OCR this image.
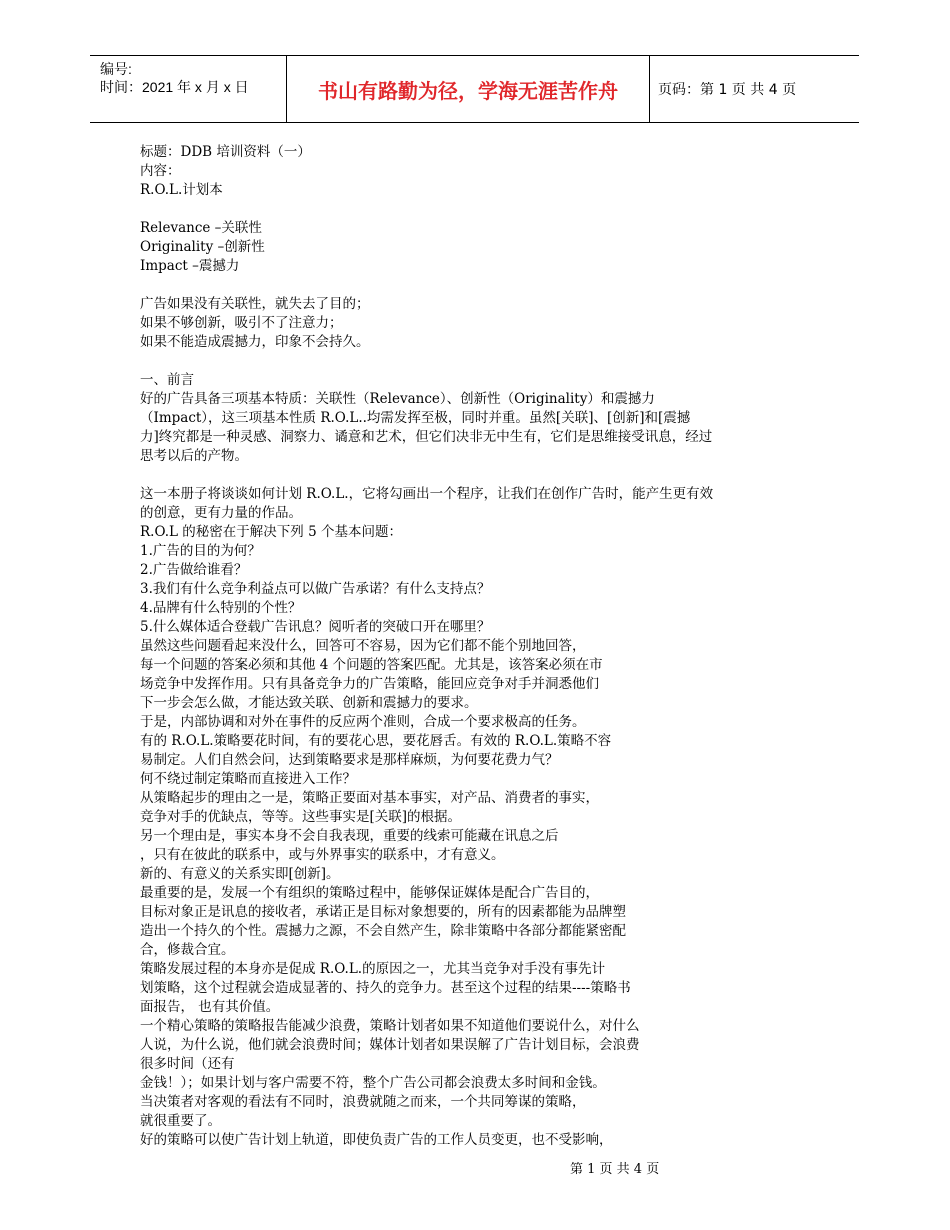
编号:
时间：2021 年 x 月 x 日	书山有路勤为径，学海无涯苦作舟	页码：第 1 页 共 4 页
标题：DDB 培训资料（一）
内容：
R.O.L.计划本
Relevance –关联性
Originality –创新性
Impact –震撼力
广告如果没有关联性，就失去了目的；
如果不够创新，吸引不了注意力；
如果不能造成震撼力，印象不会持久。
一、前言
好的广告具备三项基本特质：关联性（Relevance）、创新性（Originality）和震撼力
（Impact），这三项基本性质 R.O.L..均需发挥至极，同时并重。虽然[关联]、[创新]和[震撼
力]终究都是一种灵感、洞察力、谲意和艺术，但它们决非无中生有，它们是思维接受讯息，经过
思考以后的产物。
这一本册子将谈谈如何计划 R.O.L.，它将勾画出一个程序，让我们在创作广告时，能产生更有效
的创意，更有力量的作品。
R.O.L 的秘密在于解决下列 5 个基本问题：
1.广告的目的为何？
2.广告做给谁看？
3.我们有什么竞争利益点可以做广告承诺？有什么支持点？
4.品牌有什么特别的个性？
5.什么媒体适合登载广告讯息？阅听者的突破口开在哪里？
虽然这些问题看起来没什么，回答可不容易，因为它们都不能个别地回答，
每一个问题的答案必须和其他 4 个问题的答案匹配。尤其是，该答案必须在市
场竞争中发挥作用。只有具备竞争力的广告策略，能回应竞争对手并洞悉他们
下一步会怎么做，才能达致关联、创新和震撼力的要求。
于是，内部协调和对外在事件的反应两个准则，合成一个要求极高的任务。
有的 R.O.L.策略要花时间，有的要花心思，要花唇舌。有效的 R.O.L.策略不容
易制定。人们自然会问，达到策略要求是那样麻烦，为何要花费力气？
何不绕过制定策略而直接进入工作？
从策略起步的理由之一是，策略正要面对基本事实，对产品、消费者的事实，
竞争对手的优缺点，等等。这些事实是[关联]的根据。
另一个理由是，事实本身不会自我表现，重要的线索可能藏在讯息之后
，只有在彼此的联系中，或与外界事实的联系中，才有意义。
新的、有意义的关系实即[创新]。
最重要的是，发展一个有组织的策略过程中，能够保证媒体是配合广告目的，
目标对象正是讯息的接收者，承诺正是目标对象想要的，所有的因素都能为品牌塑
造出一个持久的个性。震撼力之源，不会自然产生，除非策略中各部分都能紧密配
合，修裁合宜。
策略发展过程的本身亦是促成 R.O.L.的原因之一，尤其当竞争对手没有事先计
划策略，这个过程就会造成显著的、持久的竞争力。甚至这个过程的结果----策略书
面报告， 也有其价值。
一个精心策略的策略报告能减少浪费，策略计划者如果不知道他们要说什么，对什么
人说，为什么说，他们就会浪费时间；媒体计划者如果误解了广告计划目标，会浪费
很多时间（还有
金钱！）；如果计划与客户需要不符，整个广告公司都会浪费太多时间和金钱。
当决策者对客观的看法有不同时，浪费就随之而来，一个共同筹谋的策略，
就很重要了。
好的策略可以使广告计划上轨道，即使负责广告的工作人员变更，也不受影响，
第 1 页 共 4 页
